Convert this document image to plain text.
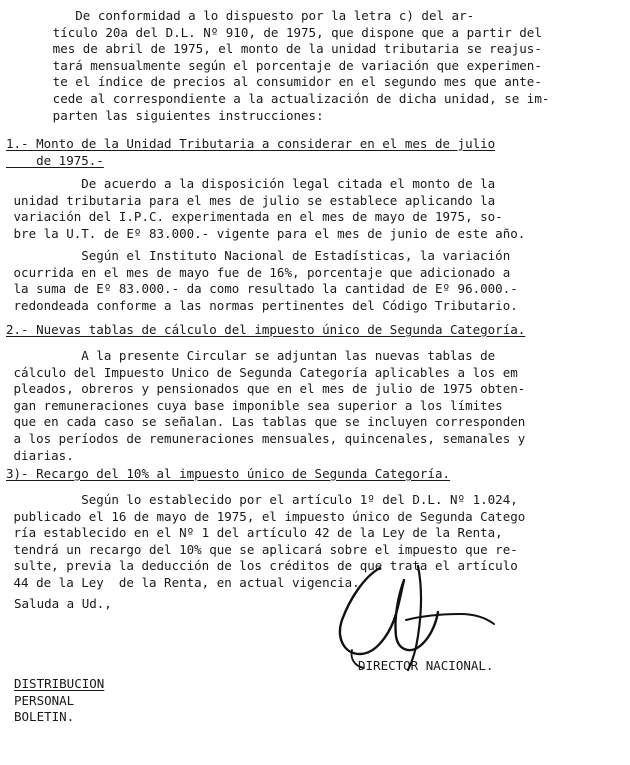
De conformidad a lo dispuesto por la letra c) del ar-
tículo 20a del D.L. Nº 910, de 1975, que dispone que a partir del
mes de abril de 1975, el monto de la unidad tributaria se reajus-
tará mensualmente según el porcentaje de variación que experimen-
te el índice de precios al consumidor en el segundo mes que ante-
cede al correspondiente a la actualización de dicha unidad, se im-
parten las siguientes instrucciones:
1.- Monto de la Unidad Tributaria a considerar en el mes de julio
de 1975.-
De acuerdo a la disposición legal citada el monto de la
unidad tributaria para el mes de julio se establece aplicando la
variación del I.P.C. experimentada en el mes de mayo de 1975, so-
bre la U.T. de Eº 83.000.- vigente para el mes de junio de este año.
Según el Instituto Nacional de Estadísticas, la variación
ocurrida en el mes de mayo fue de 16%, porcentaje que adicionado a
la suma de Eº 83.000.- da como resultado la cantidad de Eº 96.000.-
redondeada conforme a las normas pertinentes del Código Tributario.
2.- Nuevas tablas de cálculo del impuesto único de Segunda Categoría.
A la presente Circular se adjuntan las nuevas tablas de
cálculo del Impuesto Unico de Segunda Categoría aplicables a los em
pleados, obreros y pensionados que en el mes de julio de 1975 obten-
gan remuneraciones cuya base imponible sea superior a los límites
que en cada caso se señalan. Las tablas que se incluyen corresponden
a los períodos de remuneraciones mensuales, quincenales, semanales y
diarias.
3)- Recargo del 10% al impuesto único de Segunda Categoría.
Según lo establecido por el artículo 1º del D.L. Nº 1.024,
publicado el 16 de mayo de 1975, el impuesto único de Segunda Catego
ría establecido en el Nº 1 del artículo 42 de la Ley de la Renta,
tendrá un recargo del 10% que se aplicará sobre el impuesto que re-
sulte, previa la deducción de los créditos de que trata el artículo
44 de la Ley  de la Renta, en actual vigencia.
Saluda a Ud.,
DIRECTOR NACIONAL.
DISTRIBUCION
PERSONAL
BOLETIN.
